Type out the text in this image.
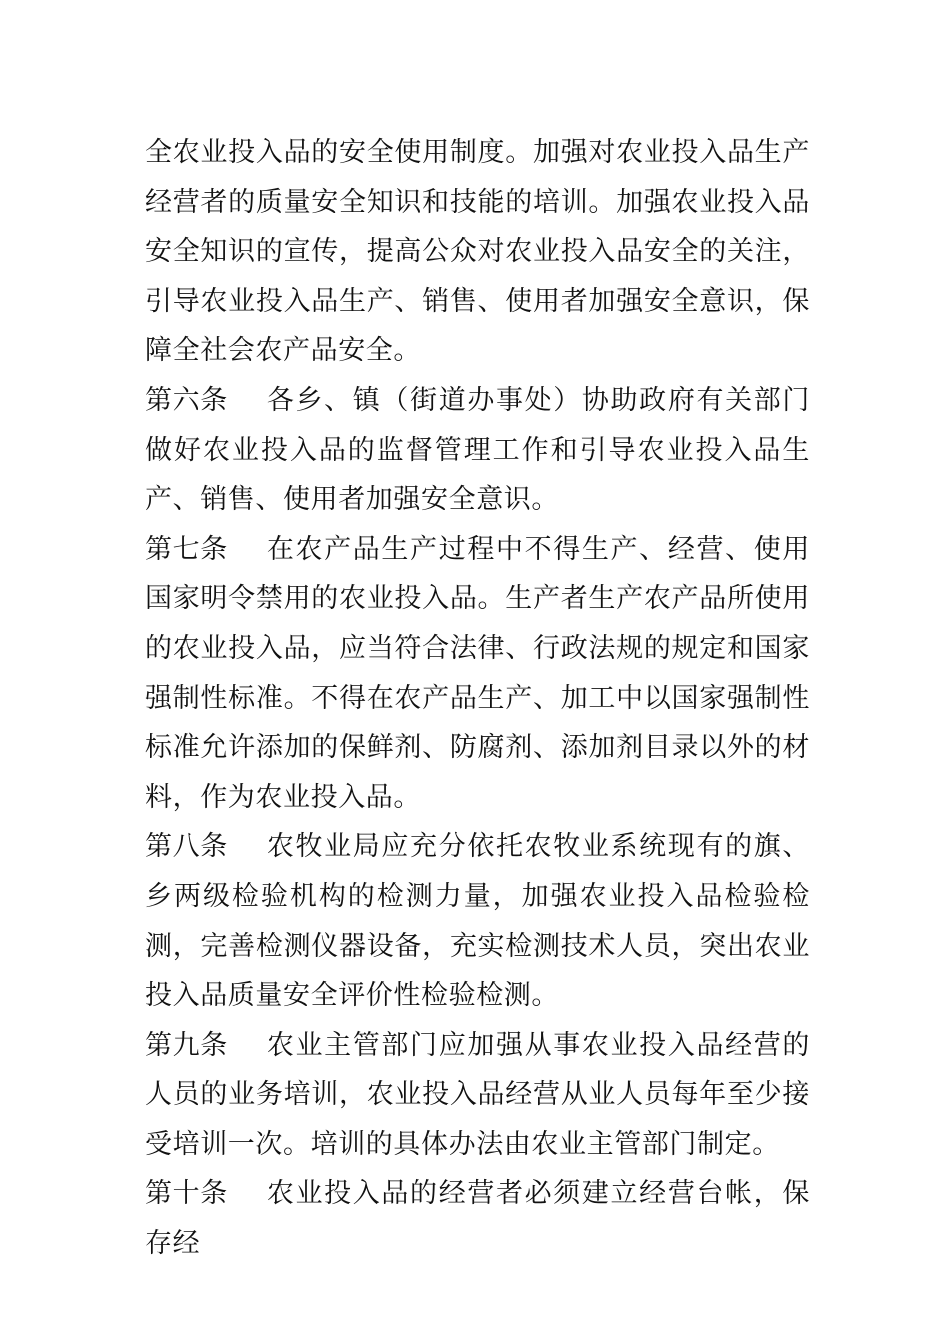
全农业投入品的安全使用制度。加强对农业投入品生产经营者的质量安全知识和技能的培训。加强农业投入品安全知识的宣传，提高公众对农业投入品安全的关注，引导农业投入品生产、销售、使用者加强安全意识，保障全社会农产品安全。

第六条 各乡、镇（街道办事处）协助政府有关部门做好农业投入品的监督管理工作和引导农业投入品生产、销售、使用者加强安全意识。

第七条 在农产品生产过程中不得生产、经营、使用国家明令禁用的农业投入品。生产者生产农产品所使用的农业投入品，应当符合法律、行政法规的规定和国家强制性标准。不得在农产品生产、加工中以国家强制性标准允许添加的保鲜剂、防腐剂、添加剂目录以外的材料，作为农业投入品。

第八条 农牧业局应充分依托农牧业系统现有的旗、乡两级检验机构的检测力量，加强农业投入品检验检测，完善检测仪器设备，充实检测技术人员，突出农业投入品质量安全评价性检验检测。

第九条 农业主管部门应加强从事农业投入品经营的人员的业务培训，农业投入品经营从业人员每年至少接受培训一次。培训的具体办法由农业主管部门制定。

第十条 农业投入品的经营者必须建立经营台帐，保存经
